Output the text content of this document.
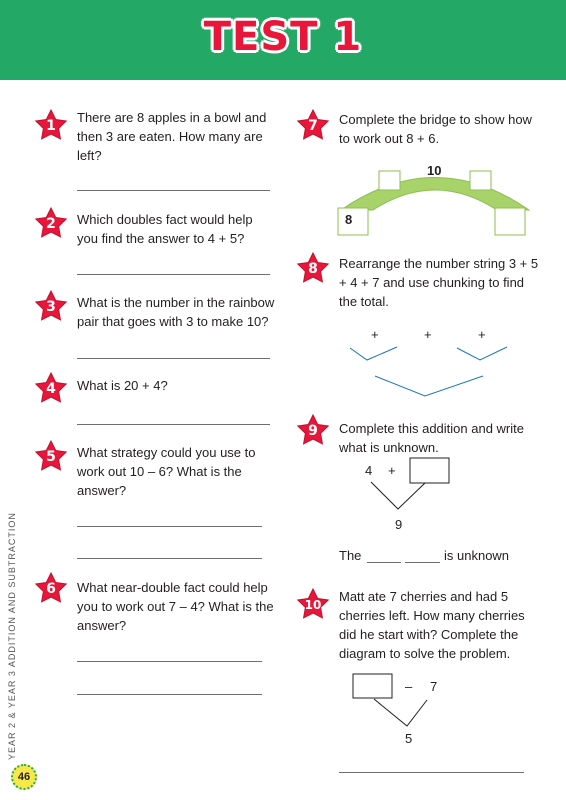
TEST 1
1
There are 8 apples in a bowl and then 3 are eaten. How many are left?
2	Which doubles fact would help you find the answer to 4 + 5?
3	What is the number in the rainbow pair that goes with 3 to make 10?
4	What is 20 + 4?
5	What strategy could you use to work out 10 – 6? What is the answer?
6	What near-double fact could help you to work out 7 – 4? What is the answer?
7	Complete the bridge to show how to work out 8 + 6.
10
8
8	Rearrange the number string 3 + 5 + 4 + 7 and use chunking to find the total.
+	+	+
9	Complete this addition and write what is unknown.
4 +
9
The	is unknown
10
Matt ate 7 cherries and had 5 cherries left. How many cherries did he start with? Complete the diagram to solve the problem.
– 7
5
YEAR 2 & YEAR 3 ADDITION AND SUBTRACTION
46
